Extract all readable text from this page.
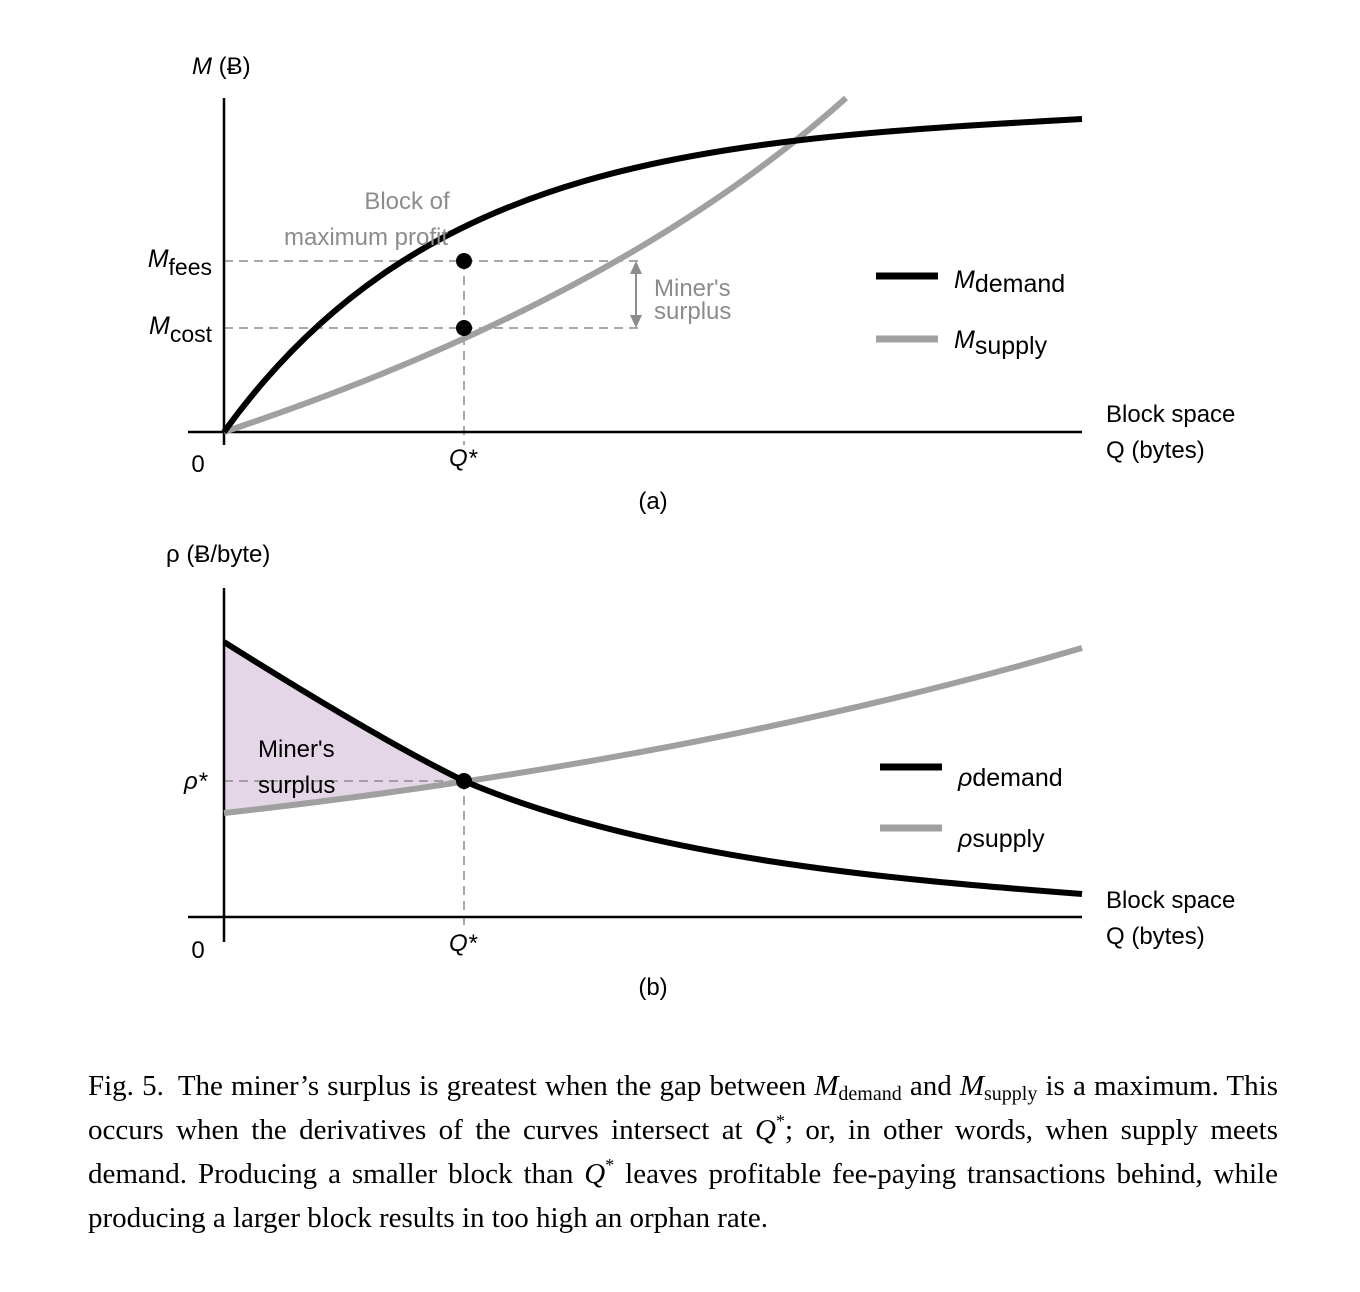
M (Ƀ)
Mfees
Mcost
0	Q*
Block of
maximum profit
Miner's
surplus
Mdemand
Msupply
Block space
Q (bytes)
(a)
ρ (Ƀ/byte)
ρ*
0	Q*
Miner's
surplus	ρdemand
ρsupply
Block space
Q (bytes)
(b)
Fig. 5. The miner’s surplus is greatest when the gap between $M_{demand}$ and $M_{supply}$ is a maximum. This occurs when the derivatives of the curves intersect at Q*; or, in other words, when supply meets demand. Producing a smaller block than Q* leaves profitable fee-paying transactions behind, while producing a larger block results in too high an orphan rate.
